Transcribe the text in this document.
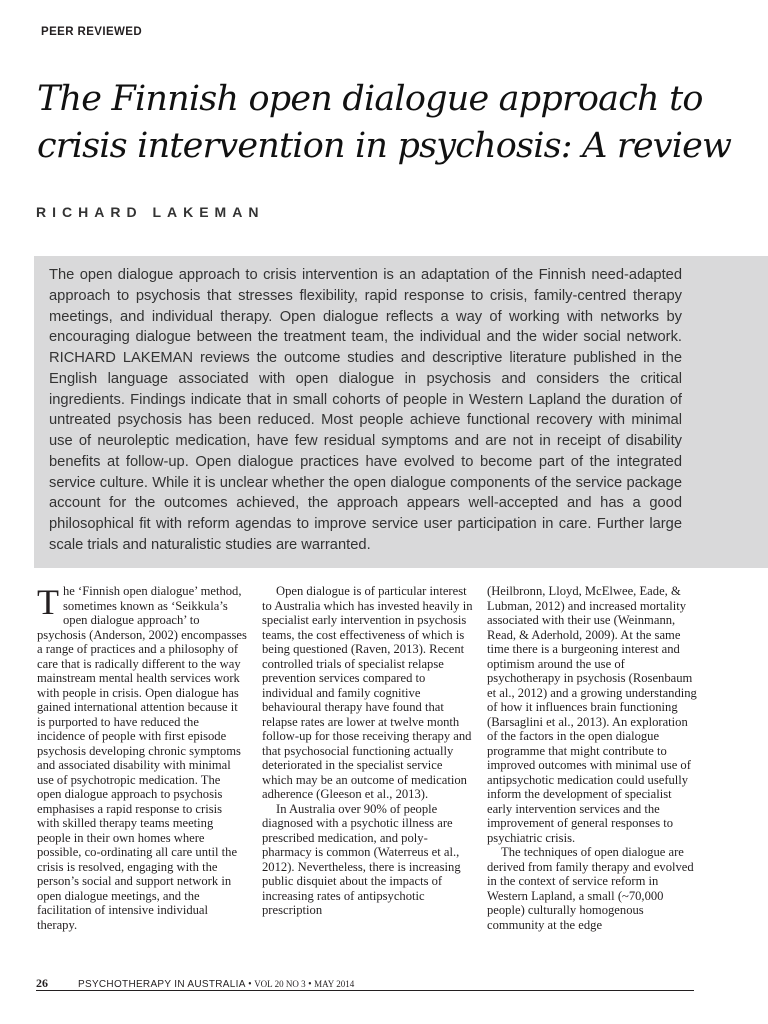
PEER REVIEWED
The Finnish open dialogue approach to
crisis intervention in psychosis: A review
RICHARD LAKEMAN
The open dialogue approach to crisis intervention is an adaptation of the Finnish need-adapted approach to psychosis that stresses flexibility, rapid response to crisis, family-centred therapy meetings, and individual therapy. Open dialogue reflects a way of working with networks by encouraging dialogue between the treatment team, the individual and the wider social network. RICHARD LAKEMAN reviews the outcome studies and descriptive literature published in the English language associated with open dialogue in psychosis and considers the critical ingredients. Findings indicate that in small cohorts of people in Western Lapland the duration of untreated psychosis has been reduced. Most people achieve functional recovery with minimal use of neuroleptic medication, have few residual symptoms and are not in receipt of disability benefits at follow-up. Open dialogue practices have evolved to become part of the integrated service culture. While it is unclear whether the open dialogue components of the service package account for the outcomes achieved, the approach appears well-accepted and has a good philosophical fit with reform agendas to improve service user participation in care. Further large scale trials and naturalistic studies are warranted.

The ‘Finnish open dialogue’ method, sometimes known as ‘Seikkula’s open dialogue approach’ to psychosis (Anderson, 2002) encompasses a range of practices and a philosophy of care that is radically different to the way mainstream mental health services work with people in crisis. Open dialogue has gained international attention because it is purported to have reduced the incidence of people with first episode psychosis developing chronic symptoms and associated disability with minimal use of psychotropic medication. The open dialogue approach to psychosis emphasises a rapid response to crisis with skilled therapy teams meeting people in their own homes where possible, co-ordinating all care until the crisis is resolved, engaging with the person’s social and support network in open dialogue meetings, and the facilitation of intensive individual therapy.

Open dialogue is of particular interest to Australia which has invested heavily in specialist early intervention in psychosis teams, the cost effectiveness of which is being questioned (Raven, 2013). Recent controlled trials of specialist relapse prevention services compared to individual and family cognitive behavioural therapy have found that relapse rates are lower at twelve month follow-up for those receiving therapy and that psychosocial functioning actually deteriorated in the specialist service which may be an outcome of medication adherence (Gleeson et al., 2013).

In Australia over 90% of people diagnosed with a psychotic illness are prescribed medication, and poly-pharmacy is common (Waterreus et al., 2012). Nevertheless, there is increasing public disquiet about the impacts of increasing rates of antipsychotic prescription

(Heilbronn, Lloyd, McElwee, Eade, & Lubman, 2012) and increased mortality associated with their use (Weinmann, Read, & Aderhold, 2009). At the same time there is a burgeoning interest and optimism around the use of psychotherapy in psychosis (Rosenbaum et al., 2012) and a growing understanding of how it influences brain functioning (Barsaglini et al., 2013). An exploration of the factors in the open dialogue programme that might contribute to improved outcomes with minimal use of antipsychotic medication could usefully inform the development of specialist early intervention services and the improvement of general responses to psychiatric crisis.

The techniques of open dialogue are derived from family therapy and evolved in the context of service reform in Western Lapland, a small (~70,000 people) culturally homogenous community at the edge

26	PSYCHOTHERAPY IN AUSTRALIA • VOL 20 NO 3 • MAY 2014
